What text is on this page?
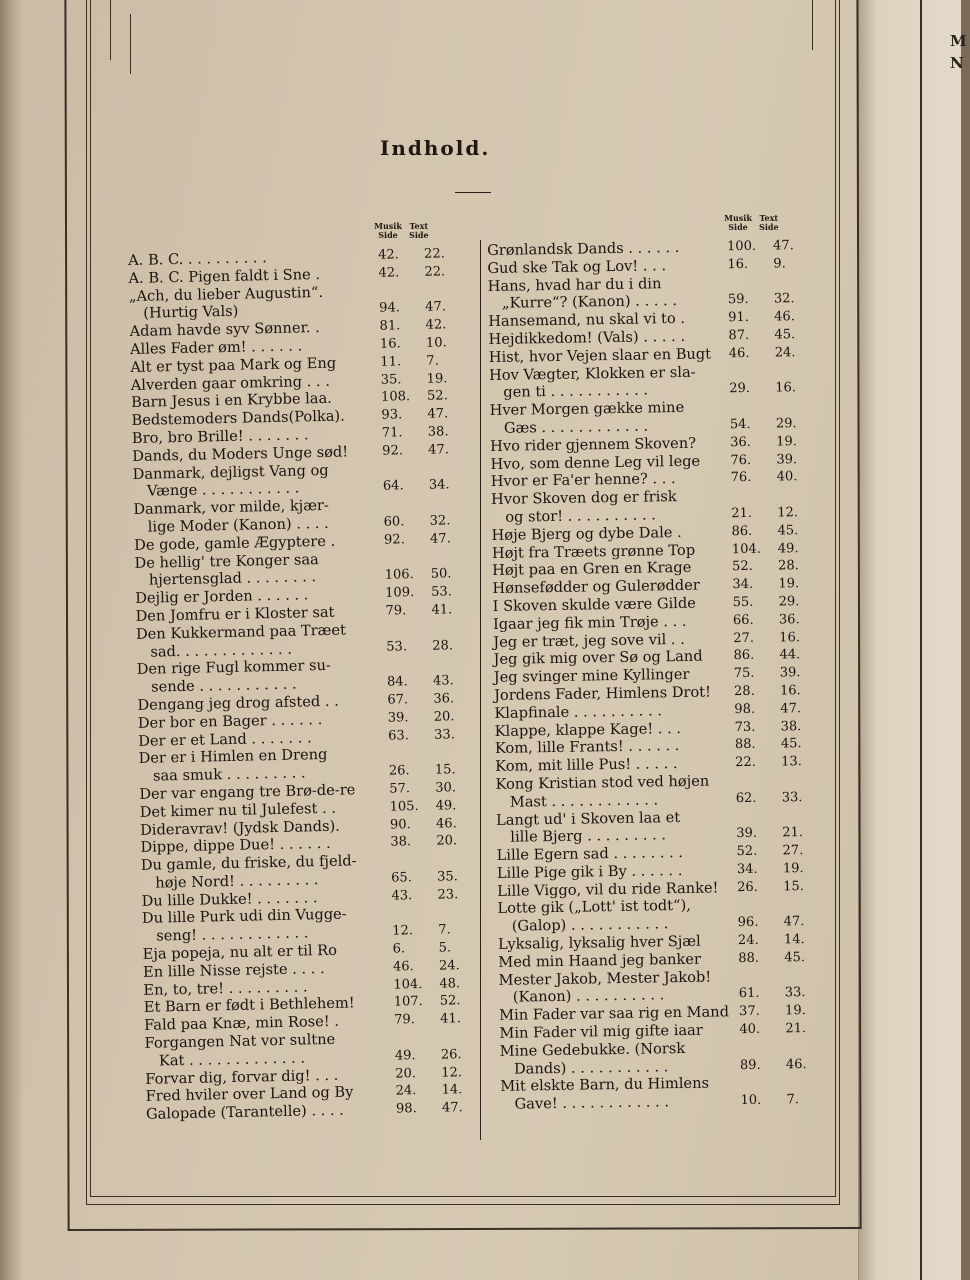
M N
Indhold.
Musik
Side Text
Side
Musik
Side Text
Side
A. B. C. . . . . . . . . .	42. 22.
A. B. C. Pigen faldt i Sne .	42. 22.
„Ach, du lieber Augustin“.
(Hurtig Vals)	94. 47.
Adam havde syv Sønner. .	81. 42.
Alles Fader øm! . . . . . .	16. 10.
Alt er tyst paa Mark og Eng	11. 7.
Alverden gaar omkring . . .	35. 19.
Barn Jesus i en Krybbe laa.	108. 52.
Bedstemoders Dands(Polka).	93. 47.
Bro, bro Brille! . . . . . . .	71. 38.
Dands, du Moders Unge sød!	92. 47.
Danmark, dejligst Vang og
Vænge . . . . . . . . . . .	64. 34.
Danmark, vor milde, kjær-
lige Moder (Kanon) . . . .	60. 32.
De gode, gamle Ægyptere .	92. 47.
De hellig' tre Konger saa
hjertensglad . . . . . . . .	106. 50.
Dejlig er Jorden . . . . . .	109. 53.
Den Jomfru er i Kloster sat	79. 41.
Den Kukkermand paa Træet
sad. . . . . . . . . . . . .	53. 28.
Den rige Fugl kommer su-
sende . . . . . . . . . . .	84. 43.
Dengang jeg drog afsted . .	67. 36.
Der bor en Bager . . . . . .	39. 20.
Der er et Land . . . . . . .	63. 33.
Der er i Himlen en Dreng
saa smuk . . . . . . . . .	26. 15.
Der var engang tre Brø-de-re	57. 30.
Det kimer nu til Julefest . .	105. 49.
Dideravrav! (Jydsk Dands).	90. 46.
Dippe, dippe Due! . . . . . .	38. 20.
Du gamle, du friske, du fjeld-
høje Nord! . . . . . . . . .	65. 35.
Du lille Dukke! . . . . . . .	43. 23.
Du lille Purk udi din Vugge-
seng! . . . . . . . . . . . .	12. 7.
Eja popeja, nu alt er til Ro	6.	5.
En lille Nisse rejste . . . .	46. 24.
En, to, tre! . . . . . . . . .	104. 48.
Et Barn er født i Bethlehem!	107. 52.
Fald paa Knæ, min Rose! .	79. 41.
Forgangen Nat vor sultne
Kat . . . . . . . . . . . . .	49. 26.
Forvar dig, forvar dig! . . .	20. 12.
Fred hviler over Land og By	24. 14.
Galopade (Tarantelle) . . . .	98. 47.
Grønlandsk Dands . . . . . .	100. 47.
Gud ske Tak og Lov! . . .	16. 9.
Hans, hvad har du i din
„Kurre“? (Kanon) . . . . .	59. 32.
Hansemand, nu skal vi to .	91. 46.
Hejdikkedom! (Vals) . . . . .	87. 45.
Hist, hvor Vejen slaar en Bugt 46. 24.
Hov Vægter, Klokken er sla-
gen ti . . . . . . . . . . .	29. 16.
Hver Morgen gække mine
Gæs . . . . . . . . . . . .	54. 29.
Hvo rider gjennem Skoven?	36. 19.
Hvo, som denne Leg vil lege 76. 39.
Hvor er Fa'er henne? . . .	76. 40.
Hvor Skoven dog er frisk
og stor! . . . . . . . . . .	21. 12.
Høje Bjerg og dybe Dale .	86. 45.
Højt fra Træets grønne Top	104. 49.
Højt paa en Gren en Krage	52. 28.
Hønsefødder og Gulerødder 34. 19.
I Skoven skulde være Gilde	55. 29.
Igaar jeg fik min Trøje . . .	66. 36.
Jeg er træt, jeg sove vil . .	27. 16.
Jeg gik mig over Sø og Land 86. 44.
Jeg svinger mine Kyllinger	75. 39.
Jordens Fader, Himlens Drot! 28. 16.
Klapfinale . . . . . . . . . .	98. 47.
Klappe, klappe Kage! . . .	73. 38.
Kom, lille Frants! . . . . . .	88. 45.
Kom, mit lille Pus! . . . . .	22. 13.
Kong Kristian stod ved højen
Mast . . . . . . . . . . . .	62. 33.
Langt ud' i Skoven laa et
lille Bjerg . . . . . . . . .	39. 21.
Lille Egern sad . . . . . . . .	52. 27.
Lille Pige gik i By . . . . . .	34. 19.
Lille Viggo, vil du ride Ranke! 26. 15.
Lotte gik („Lott' ist todt“),
(Galop) . . . . . . . . . . .	96. 47.
Lyksalig, lyksalig hver Sjæl	24. 14.
Med min Haand jeg banker	88. 45.
Mester Jakob, Mester Jakob!
(Kanon) . . . . . . . . . .	61. 33.
Min Fader var saa rig en Mand 37. 19.
Min Fader vil mig gifte iaar	40. 21.
Mine Gedebukke. (Norsk
Dands) . . . . . . . . . . .	89. 46.
Mit elskte Barn, du Himlens
Gave! . . . . . . . . . . . .	10. 7.
